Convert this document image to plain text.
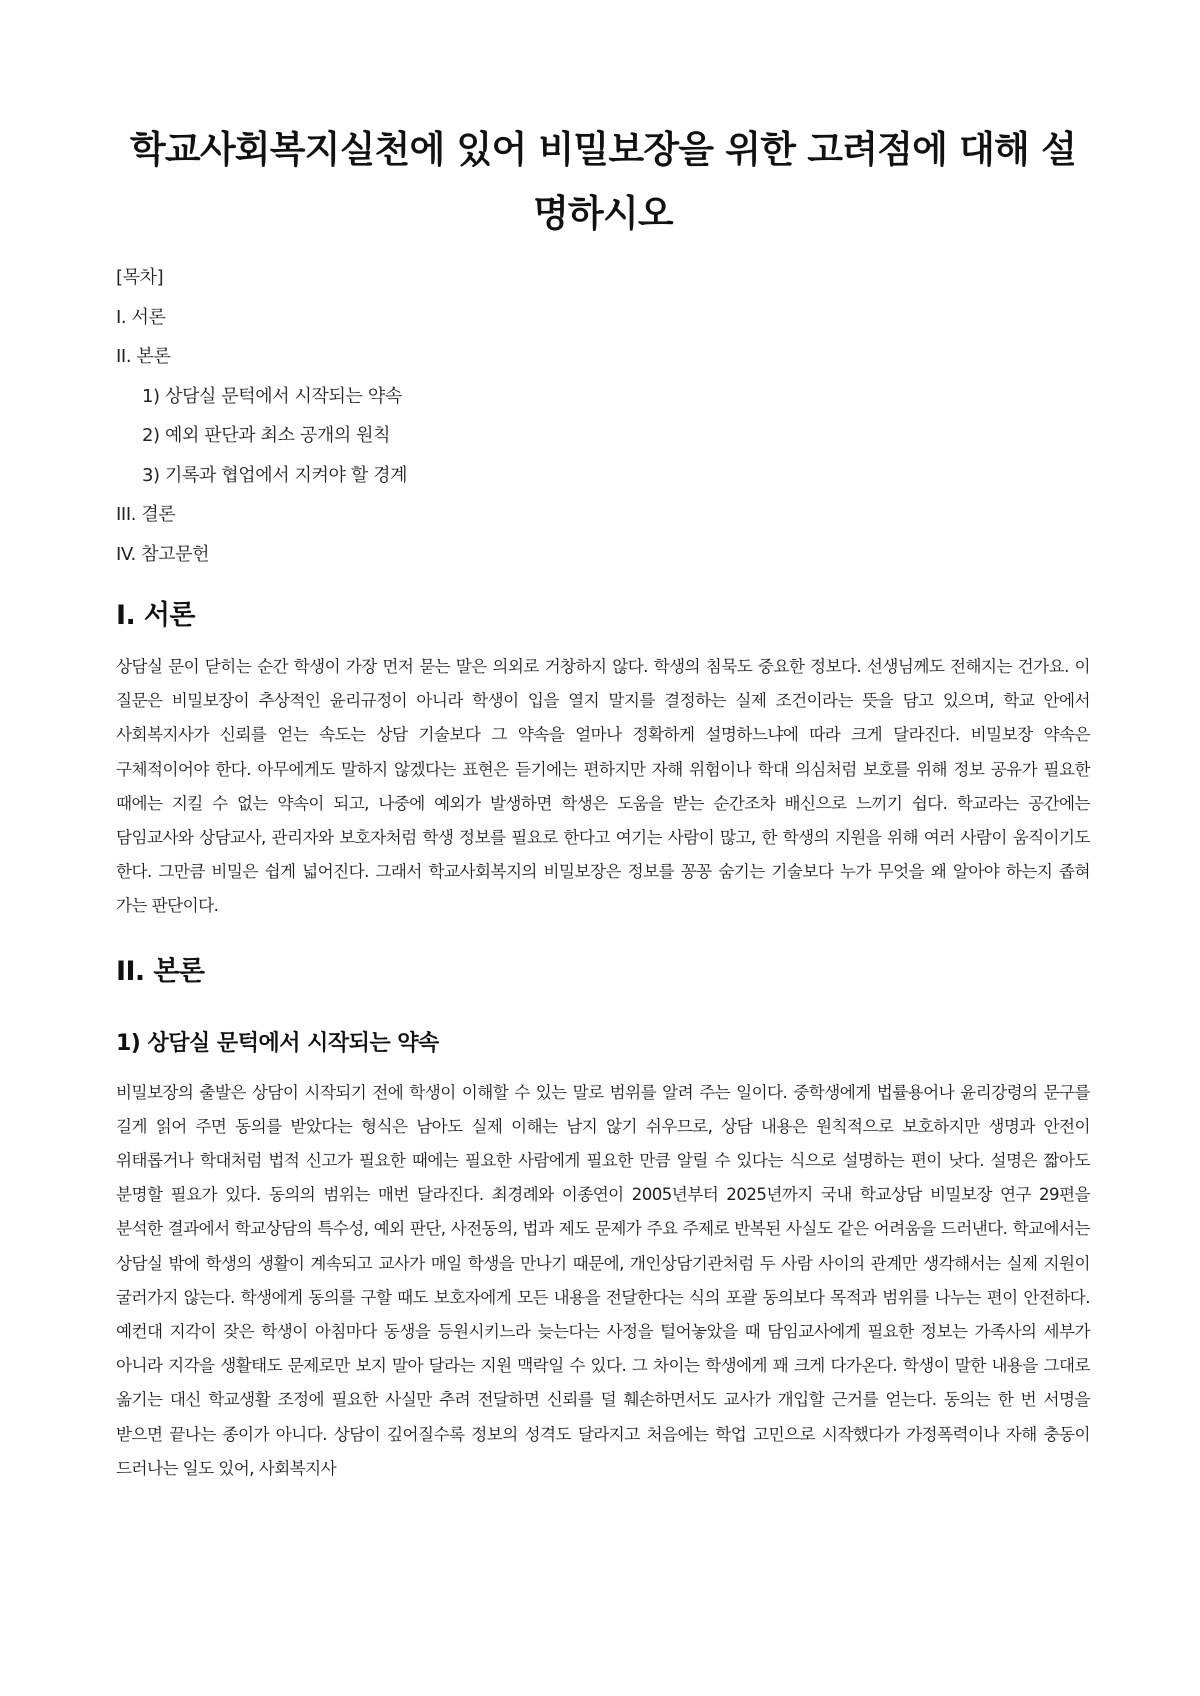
학교사회복지실천에 있어 비밀보장을 위한 고려점에 대해 설명하시오
[목차]
I. 서론
II. 본론
1) 상담실 문턱에서 시작되는 약속
2) 예외 판단과 최소 공개의 원칙
3) 기록과 협업에서 지켜야 할 경계
III. 결론
IV. 참고문헌
I. 서론

상담실 문이 닫히는 순간 학생이 가장 먼저 묻는 말은 의외로 거창하지 않다. 학생의 침묵도 중요한 정보다. 선생님께도 전해지는 건가요. 이 질문은 비밀보장이 추상적인 윤리규정이 아니라 학생이 입을 열지 말지를 결정하는 실제 조건이라는 뜻을 담고 있으며, 학교 안에서 사회복지사가 신뢰를 얻는 속도는 상담 기술보다 그 약속을 얼마나 정확하게 설명하느냐에 따라 크게 달라진다. 비밀보장 약속은 구체적이어야 한다. 아무에게도 말하지 않겠다는 표현은 듣기에는 편하지만 자해 위험이나 학대 의심처럼 보호를 위해 정보 공유가 필요한 때에는 지킬 수 없는 약속이 되고, 나중에 예외가 발생하면 학생은 도움을 받는 순간조차 배신으로 느끼기 쉽다. 학교라는 공간에는 담임교사와 상담교사, 관리자와 보호자처럼 학생 정보를 필요로 한다고 여기는 사람이 많고, 한 학생의 지원을 위해 여러 사람이 움직이기도 한다. 그만큼 비밀은 쉽게 넓어진다. 그래서 학교사회복지의 비밀보장은 정보를 꽁꽁 숨기는 기술보다 누가 무엇을 왜 알아야 하는지 좁혀 가는 판단이다.

II. 본론
1) 상담실 문턱에서 시작되는 약속

비밀보장의 출발은 상담이 시작되기 전에 학생이 이해할 수 있는 말로 범위를 알려 주는 일이다. 중학생에게 법률용어나 윤리강령의 문구를 길게 읽어 주면 동의를 받았다는 형식은 남아도 실제 이해는 남지 않기 쉬우므로, 상담 내용은 원칙적으로 보호하지만 생명과 안전이 위태롭거나 학대처럼 법적 신고가 필요한 때에는 필요한 사람에게 필요한 만큼 알릴 수 있다는 식으로 설명하는 편이 낫다. 설명은 짧아도 분명할 필요가 있다. 동의의 범위는 매번 달라진다. 최경례와 이종연이 2005년부터 2025년까지 국내 학교상담 비밀보장 연구 29편을 분석한 결과에서 학교상담의 특수성, 예외 판단, 사전동의, 법과 제도 문제가 주요 주제로 반복된 사실도 같은 어려움을 드러낸다. 학교에서는 상담실 밖에 학생의 생활이 계속되고 교사가 매일 학생을 만나기 때문에, 개인상담기관처럼 두 사람 사이의 관계만 생각해서는 실제 지원이 굴러가지 않는다. 학생에게 동의를 구할 때도 보호자에게 모든 내용을 전달한다는 식의 포괄 동의보다 목적과 범위를 나누는 편이 안전하다. 예컨대 지각이 잦은 학생이 아침마다 동생을 등원시키느라 늦는다는 사정을 털어놓았을 때 담임교사에게 필요한 정보는 가족사의 세부가 아니라 지각을 생활태도 문제로만 보지 말아 달라는 지원 맥락일 수 있다. 그 차이는 학생에게 꽤 크게 다가온다. 학생이 말한 내용을 그대로 옮기는 대신 학교생활 조정에 필요한 사실만 추려 전달하면 신뢰를 덜 훼손하면서도 교사가 개입할 근거를 얻는다. 동의는 한 번 서명을 받으면 끝나는 종이가 아니다. 상담이 깊어질수록 정보의 성격도 달라지고 처음에는 학업 고민으로 시작했다가 가정폭력이나 자해 충동이 드러나는 일도 있어, 사회복지사
